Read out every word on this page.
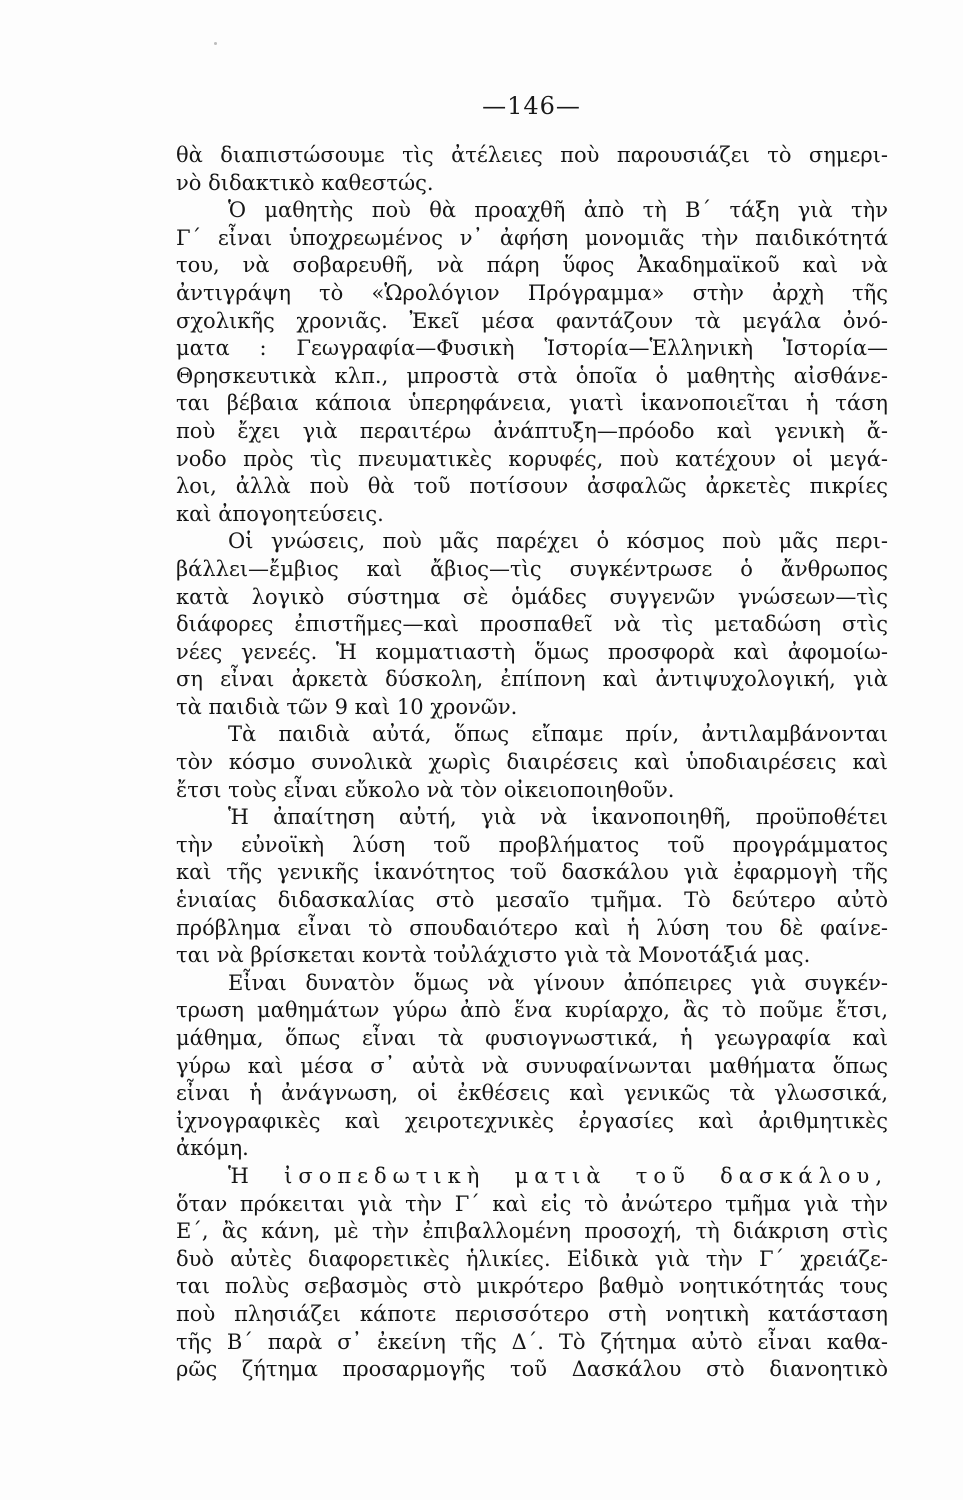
—146—

θὰ διαπιστώσουμε τὶς ἀτέλειες ποὺ παρουσιάζει τὸ σημερι-
νὸ διδακτικὸ καθεστώς.

Ὁ μαθητὴς ποὺ θὰ προαχθῆ ἀπὸ τὴ Β΄ τάξη γιὰ τὴν
Γ΄ εἶναι ὑποχρεωμένος ν᾽ ἀφήση μονομιᾶς τὴν παιδικότητά
του, νὰ σοβαρευθῆ, νὰ πάρη ὕφος Ἀκαδημαϊκοῦ καὶ νὰ
ἀντιγράψη τὸ «Ὡρολόγιον Πρόγραμμα» στὴν ἀρχὴ τῆς
σχολικῆς χρονιᾶς. Ἐκεῖ μέσα φαντάζουν τὰ μεγάλα ὀνό-
ματα : Γεωγραφία—Φυσικὴ Ἱστορία—Ἑλληνικὴ Ἱστορία—
Θρησκευτικὰ κλπ., μπροστὰ στὰ ὁποῖα ὁ μαθητὴς αἰσθάνε-
ται βέβαια κάποια ὑπερηφάνεια, γιατὶ ἱκανοποιεῖται ἡ τάση
ποὺ ἔχει γιὰ περαιτέρω ἀνάπτυξη—πρόοδο καὶ γενικὴ ἄ-
νοδο πρὸς τὶς πνευματικὲς κορυφές, ποὺ κατέχουν οἱ μεγά-
λοι, ἀλλὰ ποὺ θὰ τοῦ ποτίσουν ἀσφαλῶς ἀρκετὲς πικρίες
καὶ ἀπογοητεύσεις.

Οἱ γνώσεις, ποὺ μᾶς παρέχει ὁ κόσμος ποὺ μᾶς περι-
βάλλει—ἔμβιος καὶ ἄβιος—τὶς συγκέντρωσε ὁ ἄνθρωπος
κατὰ λογικὸ σύστημα σὲ ὁμάδες συγγενῶν γνώσεων—τὶς
διάφορες ἐπιστῆμες—καὶ προσπαθεῖ νὰ τὶς μεταδώση στὶς
νέες γενεές. Ἡ κομματιαστὴ ὅμως προσφορὰ καὶ ἀφομοίω-
ση εἶναι ἀρκετὰ δύσκολη, ἐπίπονη καὶ ἀντιψυχολογική, γιὰ
τὰ παιδιὰ τῶν 9 καὶ 10 χρονῶν.

Τὰ παιδιὰ αὐτά, ὅπως εἴπαμε πρίν, ἀντιλαμβάνονται
τὸν κόσμο συνολικὰ χωρὶς διαιρέσεις καὶ ὑποδιαιρέσεις καὶ
ἔτσι τοὺς εἶναι εὔκολο νὰ τὸν οἰκειοποιηθοῦν.

Ἡ ἀπαίτηση αὐτή, γιὰ νὰ ἱκανοποιηθῆ, προϋποθέτει
τὴν εὐνοϊκὴ λύση τοῦ προβλήματος τοῦ προγράμματος
καὶ τῆς γενικῆς ἱκανότητος τοῦ δασκάλου γιὰ ἐφαρμογὴ τῆς
ἑνιαίας διδασκαλίας στὸ μεσαῖο τμῆμα. Τὸ δεύτερο αὐτὸ
πρόβλημα εἶναι τὸ σπουδαιότερο καὶ ἡ λύση του δὲ φαίνε-
ται νὰ βρίσκεται κοντὰ τοὐλάχιστο γιὰ τὰ Μονοτάξιά μας.

Εἶναι δυνατὸν ὅμως νὰ γίνουν ἀπόπειρες γιὰ συγκέν-
τρωση μαθημάτων γύρω ἀπὸ ἕνα κυρίαρχο, ἂς τὸ ποῦμε ἔτσι,
μάθημα, ὅπως εἶναι τὰ φυσιογνωστικά, ἡ γεωγραφία καὶ
γύρω καὶ μέσα σ᾽ αὐτὰ νὰ συνυφαίνωνται μαθήματα ὅπως
εἶναι ἡ ἀνάγνωση, οἱ ἐκθέσεις καὶ γενικῶς τὰ γλωσσικά,
ἰχνογραφικὲς καὶ χειροτεχνικὲς ἐργασίες καὶ ἀριθμητικὲς
ἀκόμη.

Ἡ ἰσοπεδωτικὴ ματιὰ τοῦ δασκάλου,
ὅταν πρόκειται γιὰ τὴν Γ΄ καὶ εἰς τὸ ἀνώτερο τμῆμα γιὰ τὴν
Ε΄, ἂς κάνη, μὲ τὴν ἐπιβαλλομένη προσοχή, τὴ διάκριση στὶς
δυὸ αὐτὲς διαφορετικὲς ἡλικίες. Εἰδικὰ γιὰ τὴν Γ΄ χρειάζε-
ται πολὺς σεβασμὸς στὸ μικρότερο βαθμὸ νοητικότητάς τους
ποὺ πλησιάζει κάποτε περισσότερο στὴ νοητικὴ κατάσταση
τῆς Β΄ παρὰ σ᾽ ἐκείνη τῆς Δ΄. Τὸ ζήτημα αὐτὸ εἶναι καθα-
ρῶς ζήτημα προσαρμογῆς τοῦ Δασκάλου στὸ διανοητικὸ
